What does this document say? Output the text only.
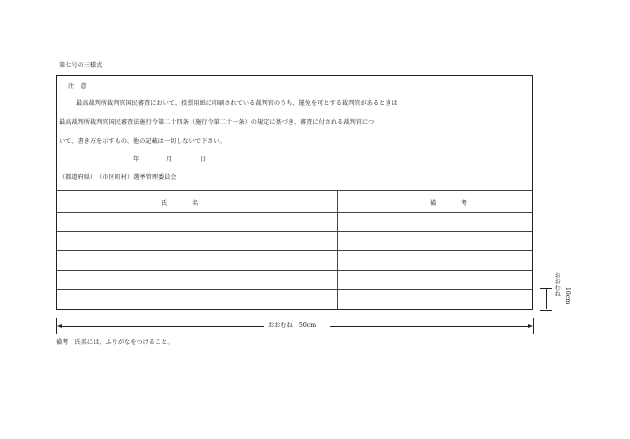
第七号の三様式
注　意
最高裁判所裁判官国民審査において、投票用紙に印刷されている裁判官のうち、罷免を可とする裁判官があるときは
最高裁判所裁判官国民審査法施行令第二十四条（施行令第二十一条）の規定に基づき、審査に付される裁判官につ
いて、書き方を示すもの、他の記載は一切しないで下さい。
年	月	日
（都道府県）　（市区町村）選挙管理委員会
氏　　　　名	備　　　　考
おおむね　50cm
おおむね 10cm
備考　氏名には、ふりがなをつけること。
